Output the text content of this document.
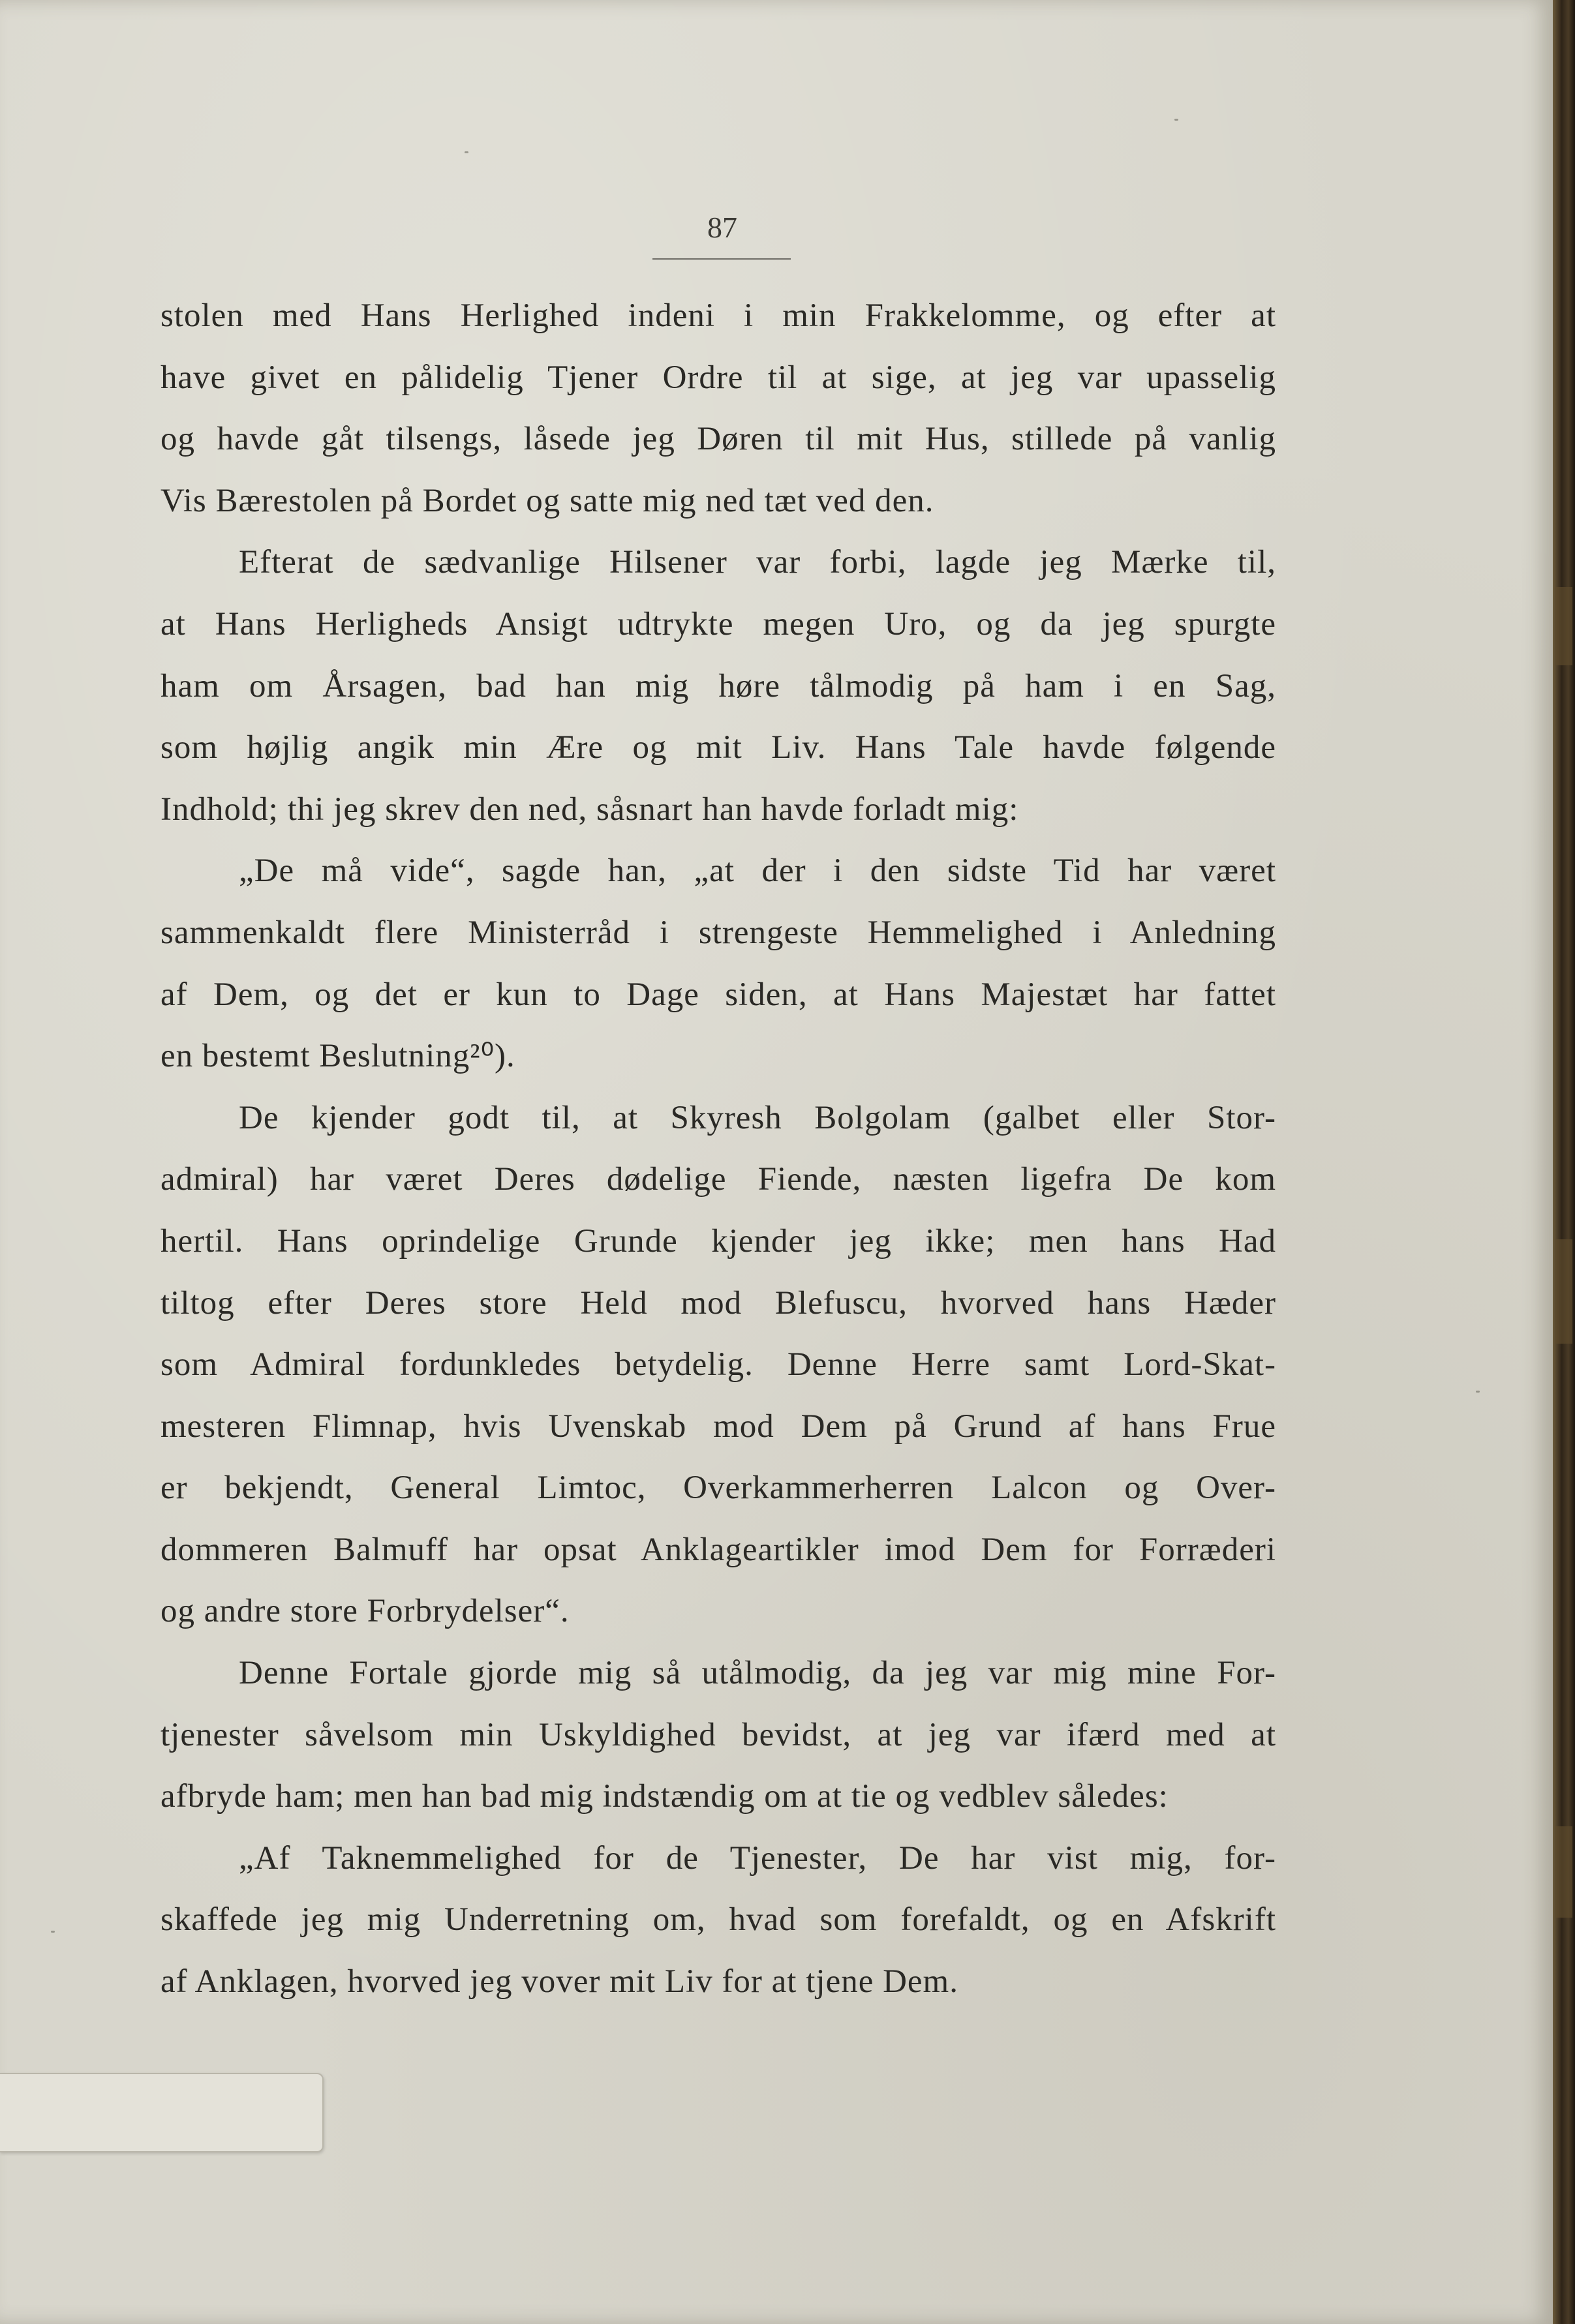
87

stolen med Hans Herlighed indeni i min Frakkelomme, og efter at

have givet en pålidelig Tjener Ordre til at sige, at jeg var upasselig

og havde gåt tilsengs, låsede jeg Døren til mit Hus, stillede på vanlig

Vis Bærestolen på Bordet og satte mig ned tæt ved den.

Efterat de sædvanlige Hilsener var forbi, lagde jeg Mærke til,

at Hans Herligheds Ansigt udtrykte megen Uro, og da jeg spurgte

ham om Årsagen, bad han mig høre tålmodig på ham i en Sag,

som højlig angik min Ære og mit Liv. Hans Tale havde følgende

Indhold; thi jeg skrev den ned, såsnart han havde forladt mig:

„De må vide“, sagde han, „at der i den sidste Tid har været

sammenkaldt flere Ministerråd i strengeste Hemmelighed i Anledning

af Dem, og det er kun to Dage siden, at Hans Majestæt har fattet

en bestemt Beslutning²⁰).

De kjender godt til, at Skyresh Bolgolam (galbet eller Stor-

admiral) har været Deres dødelige Fiende, næsten ligefra De kom

hertil. Hans oprindelige Grunde kjender jeg ikke; men hans Had

tiltog efter Deres store Held mod Blefuscu, hvorved hans Hæder

som Admiral fordunkledes betydelig. Denne Herre samt Lord-Skat-

mesteren Flimnap, hvis Uvenskab mod Dem på Grund af hans Frue

er bekjendt, General Limtoc, Overkammerherren Lalcon og Over-

dommeren Balmuff har opsat Anklageartikler imod Dem for Forræderi

og andre store Forbrydelser“.

Denne Fortale gjorde mig så utålmodig, da jeg var mig mine For-

tjenester såvelsom min Uskyldighed bevidst, at jeg var ifærd med at

afbryde ham; men han bad mig indstændig om at tie og vedblev således:

„Af Taknemmelighed for de Tjenester, De har vist mig, for-

skaffede jeg mig Underretning om, hvad som forefaldt, og en Afskrift

af Anklagen, hvorved jeg vover mit Liv for at tjene Dem.
